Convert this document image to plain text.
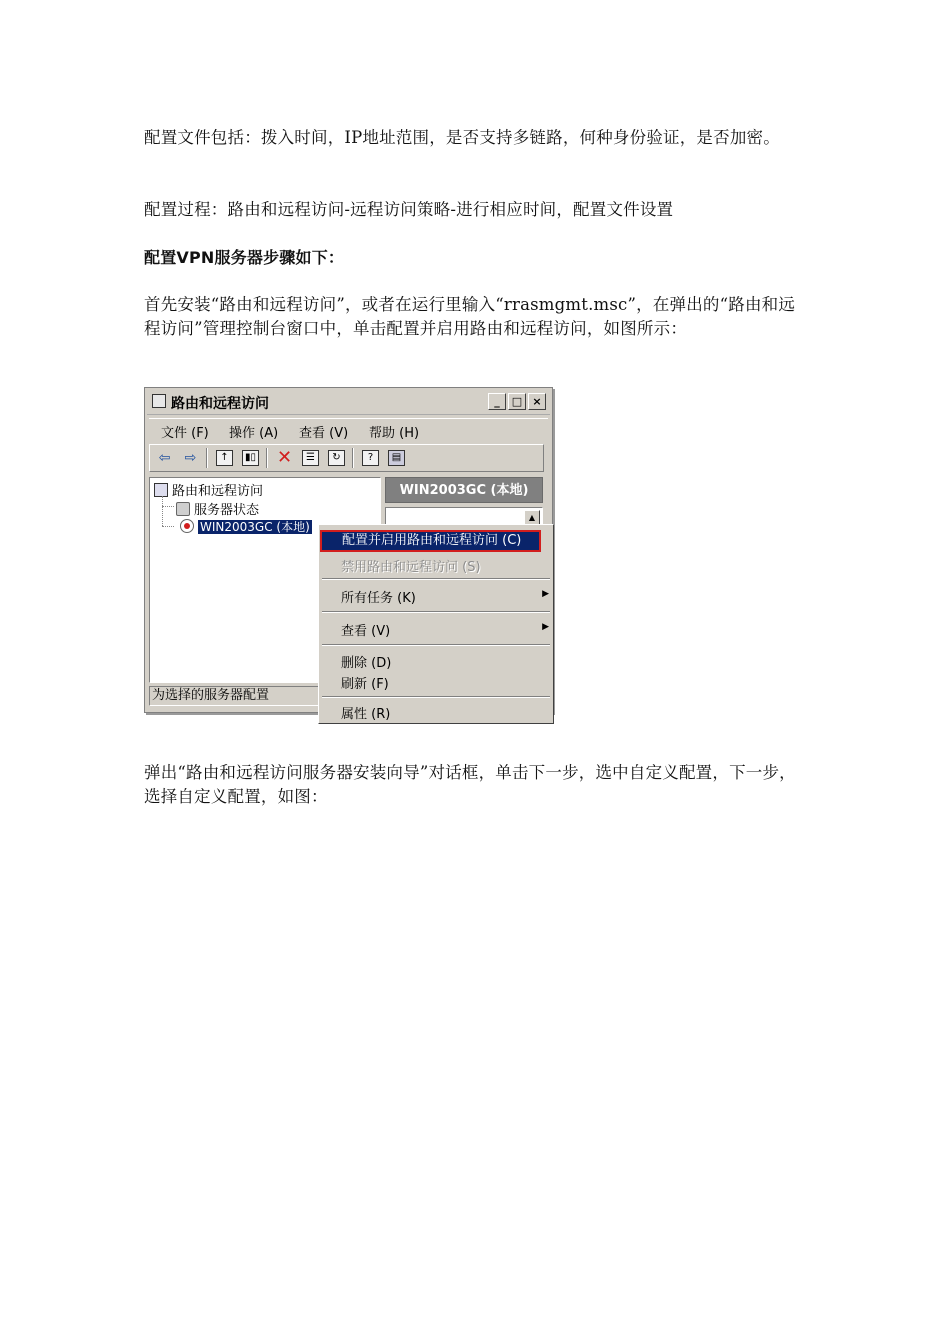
配置文件包括：拨入时间，IP地址范围，是否支持多链路，何种身份验证，是否加密。
配置过程：路由和远程访问-远程访问策略-进行相应时间，配置文件设置
配置VPN服务器步骤如下：
首先安装“路由和远程访问”，或者在运行里输入“rrasmgmt.msc”，在弹出的“路由和远程访问”管理控制台窗口中，单击配置并启用路由和远程访问，如图所示：
路由和远程访问	_	□ ×
文件 (F) 操作 (A) 查看 (V) 帮助 (H)
⇦ ⇨	↑	▮▯ ✕	☰	↻	?	▤
路由和远程访问
服务器状态
WIN2003GC (本地)
WIN2003GC (本地)
▲
为选择的服务器配置
配置并启用路由和远程访问 (C)
禁用路由和远程访问 (S)
所有任务 (K)	▶
查看 (V)	▶
删除 (D)
刷新 (F)
属性 (R)
弹出“路由和远程访问服务器安装向导”对话框，单击下一步，选中自定义配置，下一步，选择自定义配置，如图：
